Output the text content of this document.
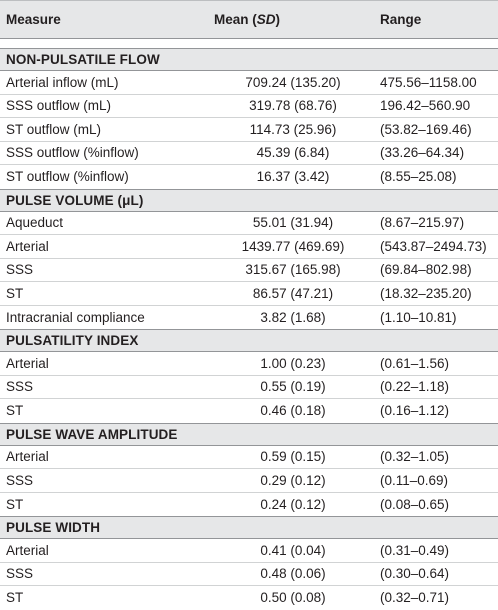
Measure	Mean (SD)	Range
NON-PULSATILE FLOW
Arterial inflow (mL)	709.24 (135.20)	475.56–1158.00
SSS outflow (mL)	319.78 (68.76)	196.42–560.90
ST outflow (mL)	114.73 (25.96)	(53.82–169.46)
SSS outflow (%inflow)	45.39 (6.84)	(33.26–64.34)
ST outflow (%inflow)	16.37 (3.42)	(8.55–25.08)
PULSE VOLUME (μL)
Aqueduct	55.01 (31.94)	(8.67–215.97)
Arterial	1439.77 (469.69)	(543.87–2494.73)
SSS	315.67 (165.98)	(69.84–802.98)
ST	86.57 (47.21)	(18.32–235.20)
Intracranial compliance	3.82 (1.68)	(1.10–10.81)
PULSATILITY INDEX
Arterial	1.00 (0.23)	(0.61–1.56)
SSS	0.55 (0.19)	(0.22–1.18)
ST	0.46 (0.18)	(0.16–1.12)
PULSE WAVE AMPLITUDE
Arterial	0.59 (0.15)	(0.32–1.05)
SSS	0.29 (0.12)	(0.11–0.69)
ST	0.24 (0.12)	(0.08–0.65)
PULSE WIDTH
Arterial	0.41 (0.04)	(0.31–0.49)
SSS	0.48 (0.06)	(0.30–0.64)
ST	0.50 (0.08)	(0.32–0.71)
